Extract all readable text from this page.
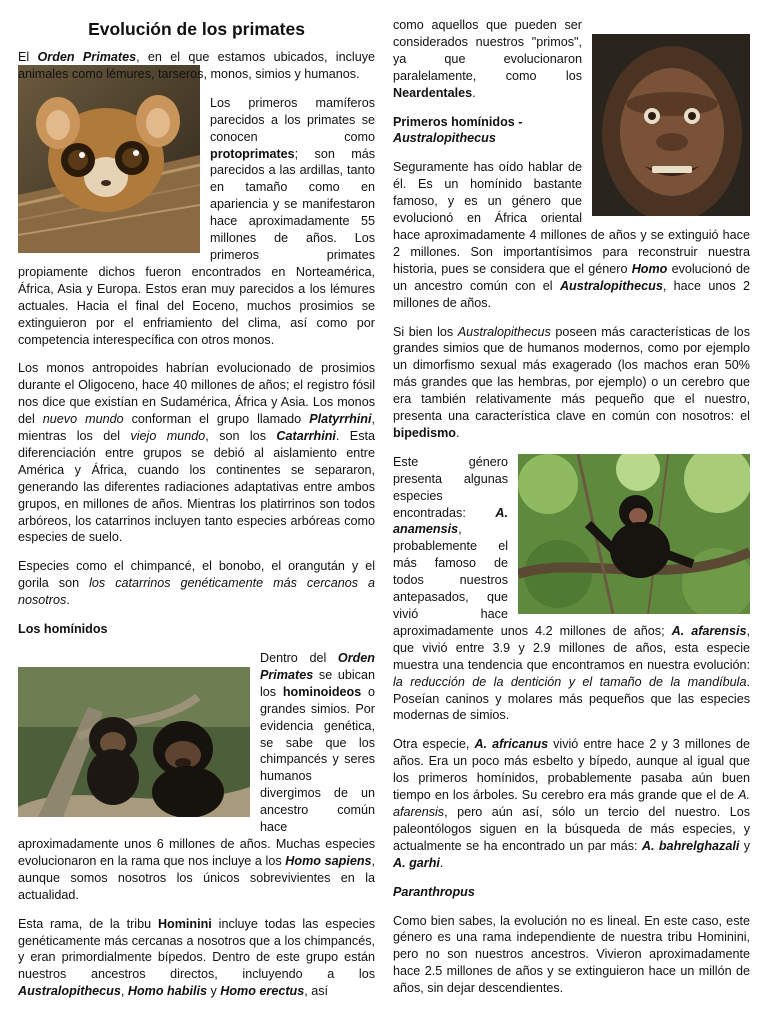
Evolución de los primates

El Orden Primates, en el que estamos ubicados, incluye animales como lémures, tarseros, monos, simios y humanos.

Los primeros mamíferos parecidos a los primates se conocen como protoprimates; son más parecidos a las ardillas, tanto en tamaño como en apariencia y se manifestaron hace aproximadamente 55 millones de años. Los primeros primates propiamente dichos fueron encontrados en Norteamérica, África, Asia y Europa. Estos eran muy parecidos a los lémures actuales. Hacia el final del Eoceno, muchos prosimios se extinguieron por el enfriamiento del clima, así como por competencia interespecífica con otros monos.

Los monos antropoides habrían evolucionado de prosimios durante el Oligoceno, hace 40 millones de años; el registro fósil nos dice que existían en Sudamérica, África y Asia. Los monos del nuevo mundo conforman el grupo llamado Platyrrhini, mientras los del viejo mundo, son los Catarrhini. Esta diferenciación entre grupos se debió al aislamiento entre América y África, cuando los continentes se separaron, generando las diferentes radiaciones adaptativas entre ambos grupos, en millones de años. Mientras los platirrinos son todos arbóreos, los catarrinos incluyen tanto especies arbóreas como especies de suelo.

Especies como el chimpancé, el bonobo, el orangután y el gorila son los catarrinos genéticamente más cercanos a nosotros.

Los homínidos

Dentro del Orden Primates se ubican los hominoideos o grandes simios. Por evidencia genética, se sabe que los chimpancés y seres humanos divergimos de un ancestro común hace aproximadamente unos 6 millones de años. Muchas especies evolucionaron en la rama que nos incluye a los Homo sapiens, aunque somos nosotros los únicos sobrevivientes en la actualidad.

Esta rama, de la tribu Hominini incluye todas las especies genéticamente más cercanas a nosotros que a los chimpancés, y eran primordialmente bípedos. Dentro de este grupo están nuestros ancestros directos, incluyendo a los Australopithecus, Homo habilis y Homo erectus, así

como aquellos que pueden ser considerados nuestros "primos", ya que evolucionaron paralelamente, como los Neardentales.

Primeros homínidos - Australopithecus

Seguramente has oído hablar de él. Es un homínido bastante famoso, y es un género que evolucionó en África oriental hace aproximadamente 4 millones de años y se extinguió hace 2 millones. Son importantísimos para reconstruir nuestra historia, pues se considera que el género Homo evolucionó de un ancestro común con el Australopithecus, hace unos 2 millones de años.

Si bien los Australopithecus poseen más características de los grandes simios que de humanos modernos, como por ejemplo un dimorfismo sexual más exagerado (los machos eran 50% más grandes que las hembras, por ejemplo) o un cerebro que era también relativamente más pequeño que el nuestro, presenta una característica clave en común con nosotros: el bipedismo.

Este género presenta algunas especies encontradas: A. anamensis, probablemente el más famoso de todos nuestros antepasados, que vivió hace aproximadamente unos 4.2 millones de años; A. afarensis, que vivió entre 3.9 y 2.9 millones de años, esta especie muestra una tendencia que encontramos en nuestra evolución: la reducción de la dentición y el tamaño de la mandíbula. Poseían caninos y molares más pequeños que las especies modernas de simios.

Otra especie, A. africanus vivió entre hace 2 y 3 millones de años. Era un poco más esbelto y bípedo, aunque al igual que los primeros homínidos, probablemente pasaba aún buen tiempo en los árboles. Su cerebro era más grande que el de A. afarensis, pero aún así, sólo un tercio del nuestro. Los paleontólogos siguen en la búsqueda de más especies, y actualmente se ha encontrado un par más: A. bahrelghazali y A. garhi.

Paranthropus

Como bien sabes, la evolución no es lineal. En este caso, este género es una rama independiente de nuestra tribu Hominini, pero no son nuestros ancestros. Vivieron aproximadamente hace 2.5 millones de años y se extinguieron hace un millón de años, sin dejar descendientes.
